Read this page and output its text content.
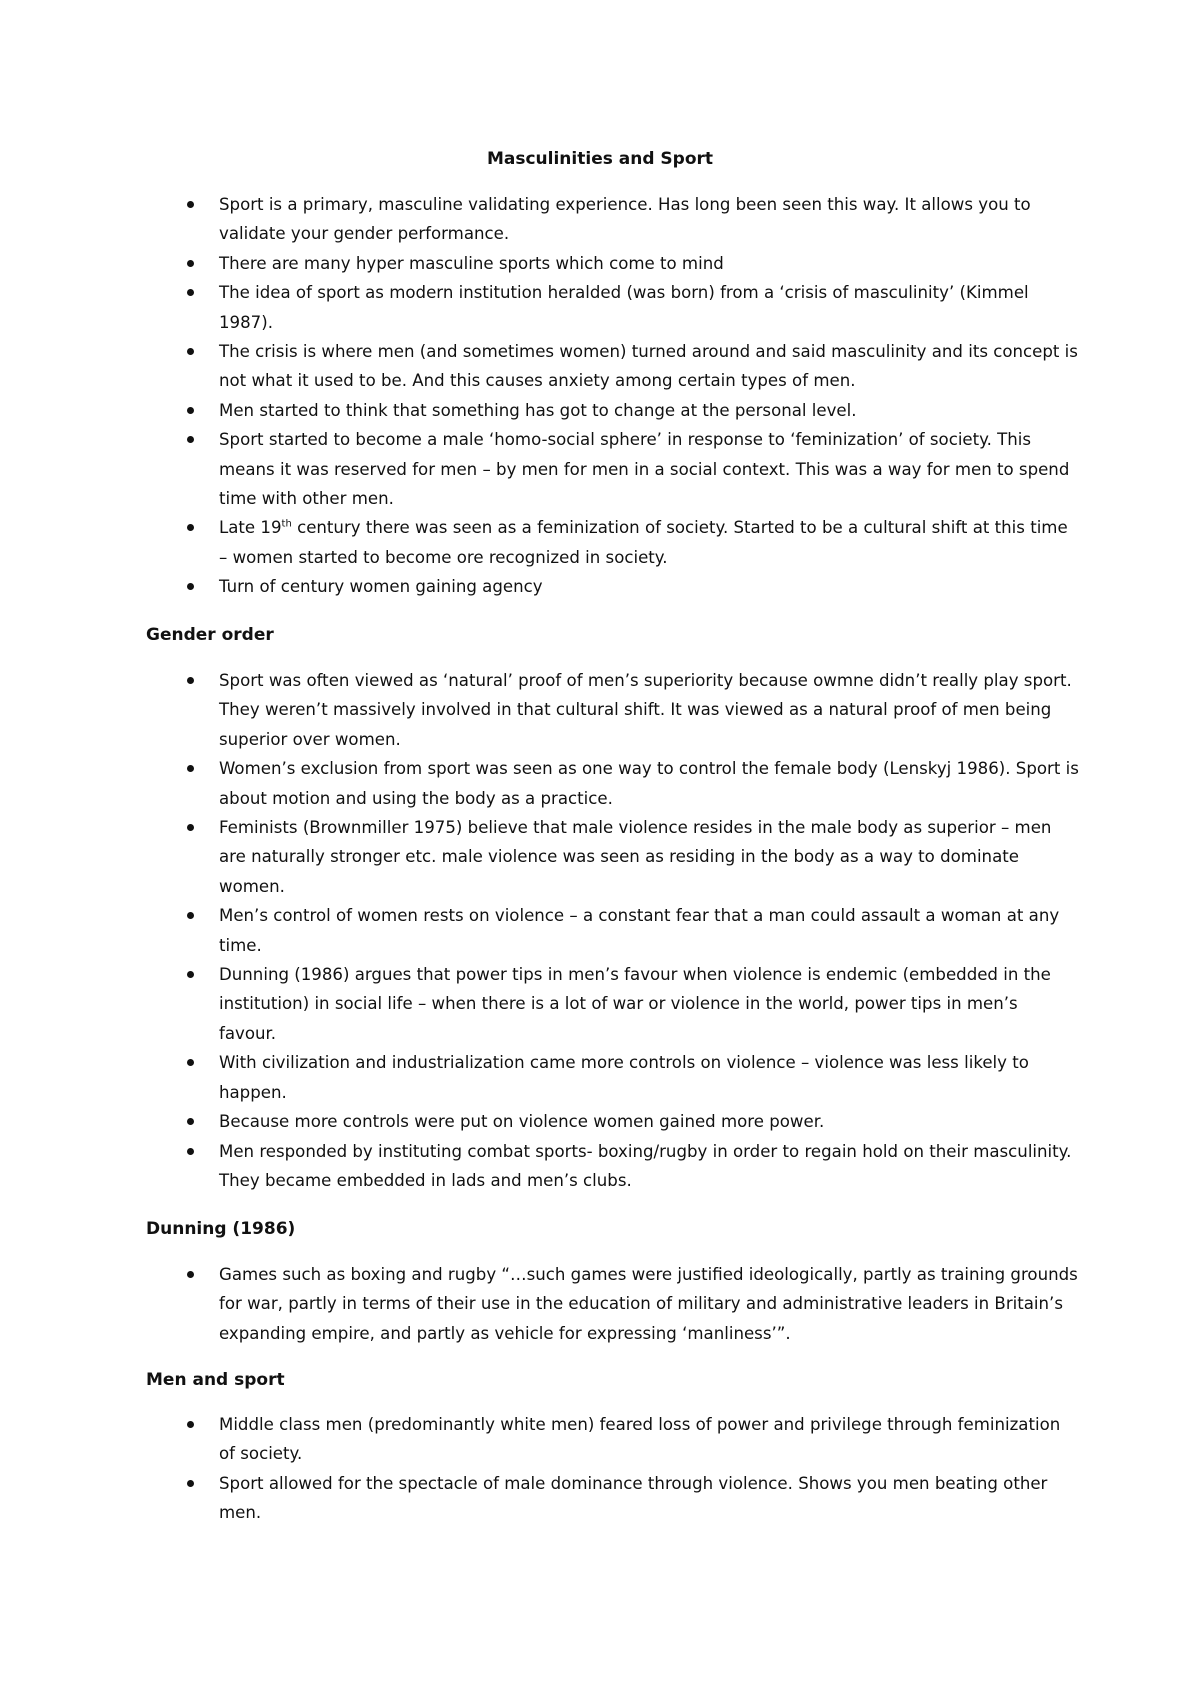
Masculinities and Sport
Sport is a primary, masculine validating experience. Has long been seen this way. It allows you to validate your gender performance.
There are many hyper masculine sports which come to mind
The idea of sport as modern institution heralded (was born) from a ‘crisis of masculinity’ (Kimmel 1987).
The crisis is where men (and sometimes women) turned around and said masculinity and its concept is not what it used to be. And this causes anxiety among certain types of men.
Men started to think that something has got to change at the personal level.
Sport started to become a male ‘homo-social sphere’ in response to ‘feminization’ of society. This means it was reserved for men – by men for men in a social context. This was a way for men to spend time with other men.
Late 19th century there was seen as a feminization of society. Started to be a cultural shift at this time – women started to become ore recognized in society.
Turn of century women gaining agency
Gender order
Sport was often viewed as ‘natural’ proof of men’s superiority because owmne didn’t really play sport. They weren’t massively involved in that cultural shift. It was viewed as a natural proof of men being superior over women.
Women’s exclusion from sport was seen as one way to control the female body (Lenskyj 1986). Sport is about motion and using the body as a practice.
Feminists (Brownmiller 1975) believe that male violence resides in the male body as superior – men are naturally stronger etc. male violence was seen as residing in the body as a way to dominate women.
Men’s control of women rests on violence – a constant fear that a man could assault a woman at any time.
Dunning (1986) argues that power tips in men’s favour when violence is endemic (embedded in the institution) in social life – when there is a lot of war or violence in the world, power tips in men’s favour.
With civilization and industrialization came more controls on violence – violence was less likely to happen.
Because more controls were put on violence women gained more power.
Men responded by instituting combat sports- boxing/rugby in order to regain hold on their masculinity. They became embedded in lads and men’s clubs.
Dunning (1986)
Games such as boxing and rugby “…such games were justified ideologically, partly as training grounds for war, partly in terms of their use in the education of military and administrative leaders in Britain’s expanding empire, and partly as vehicle for expressing ‘manliness’”.
Men and sport
Middle class men (predominantly white men) feared loss of power and privilege through feminization of society.
Sport allowed for the spectacle of male dominance through violence. Shows you men beating other men.
